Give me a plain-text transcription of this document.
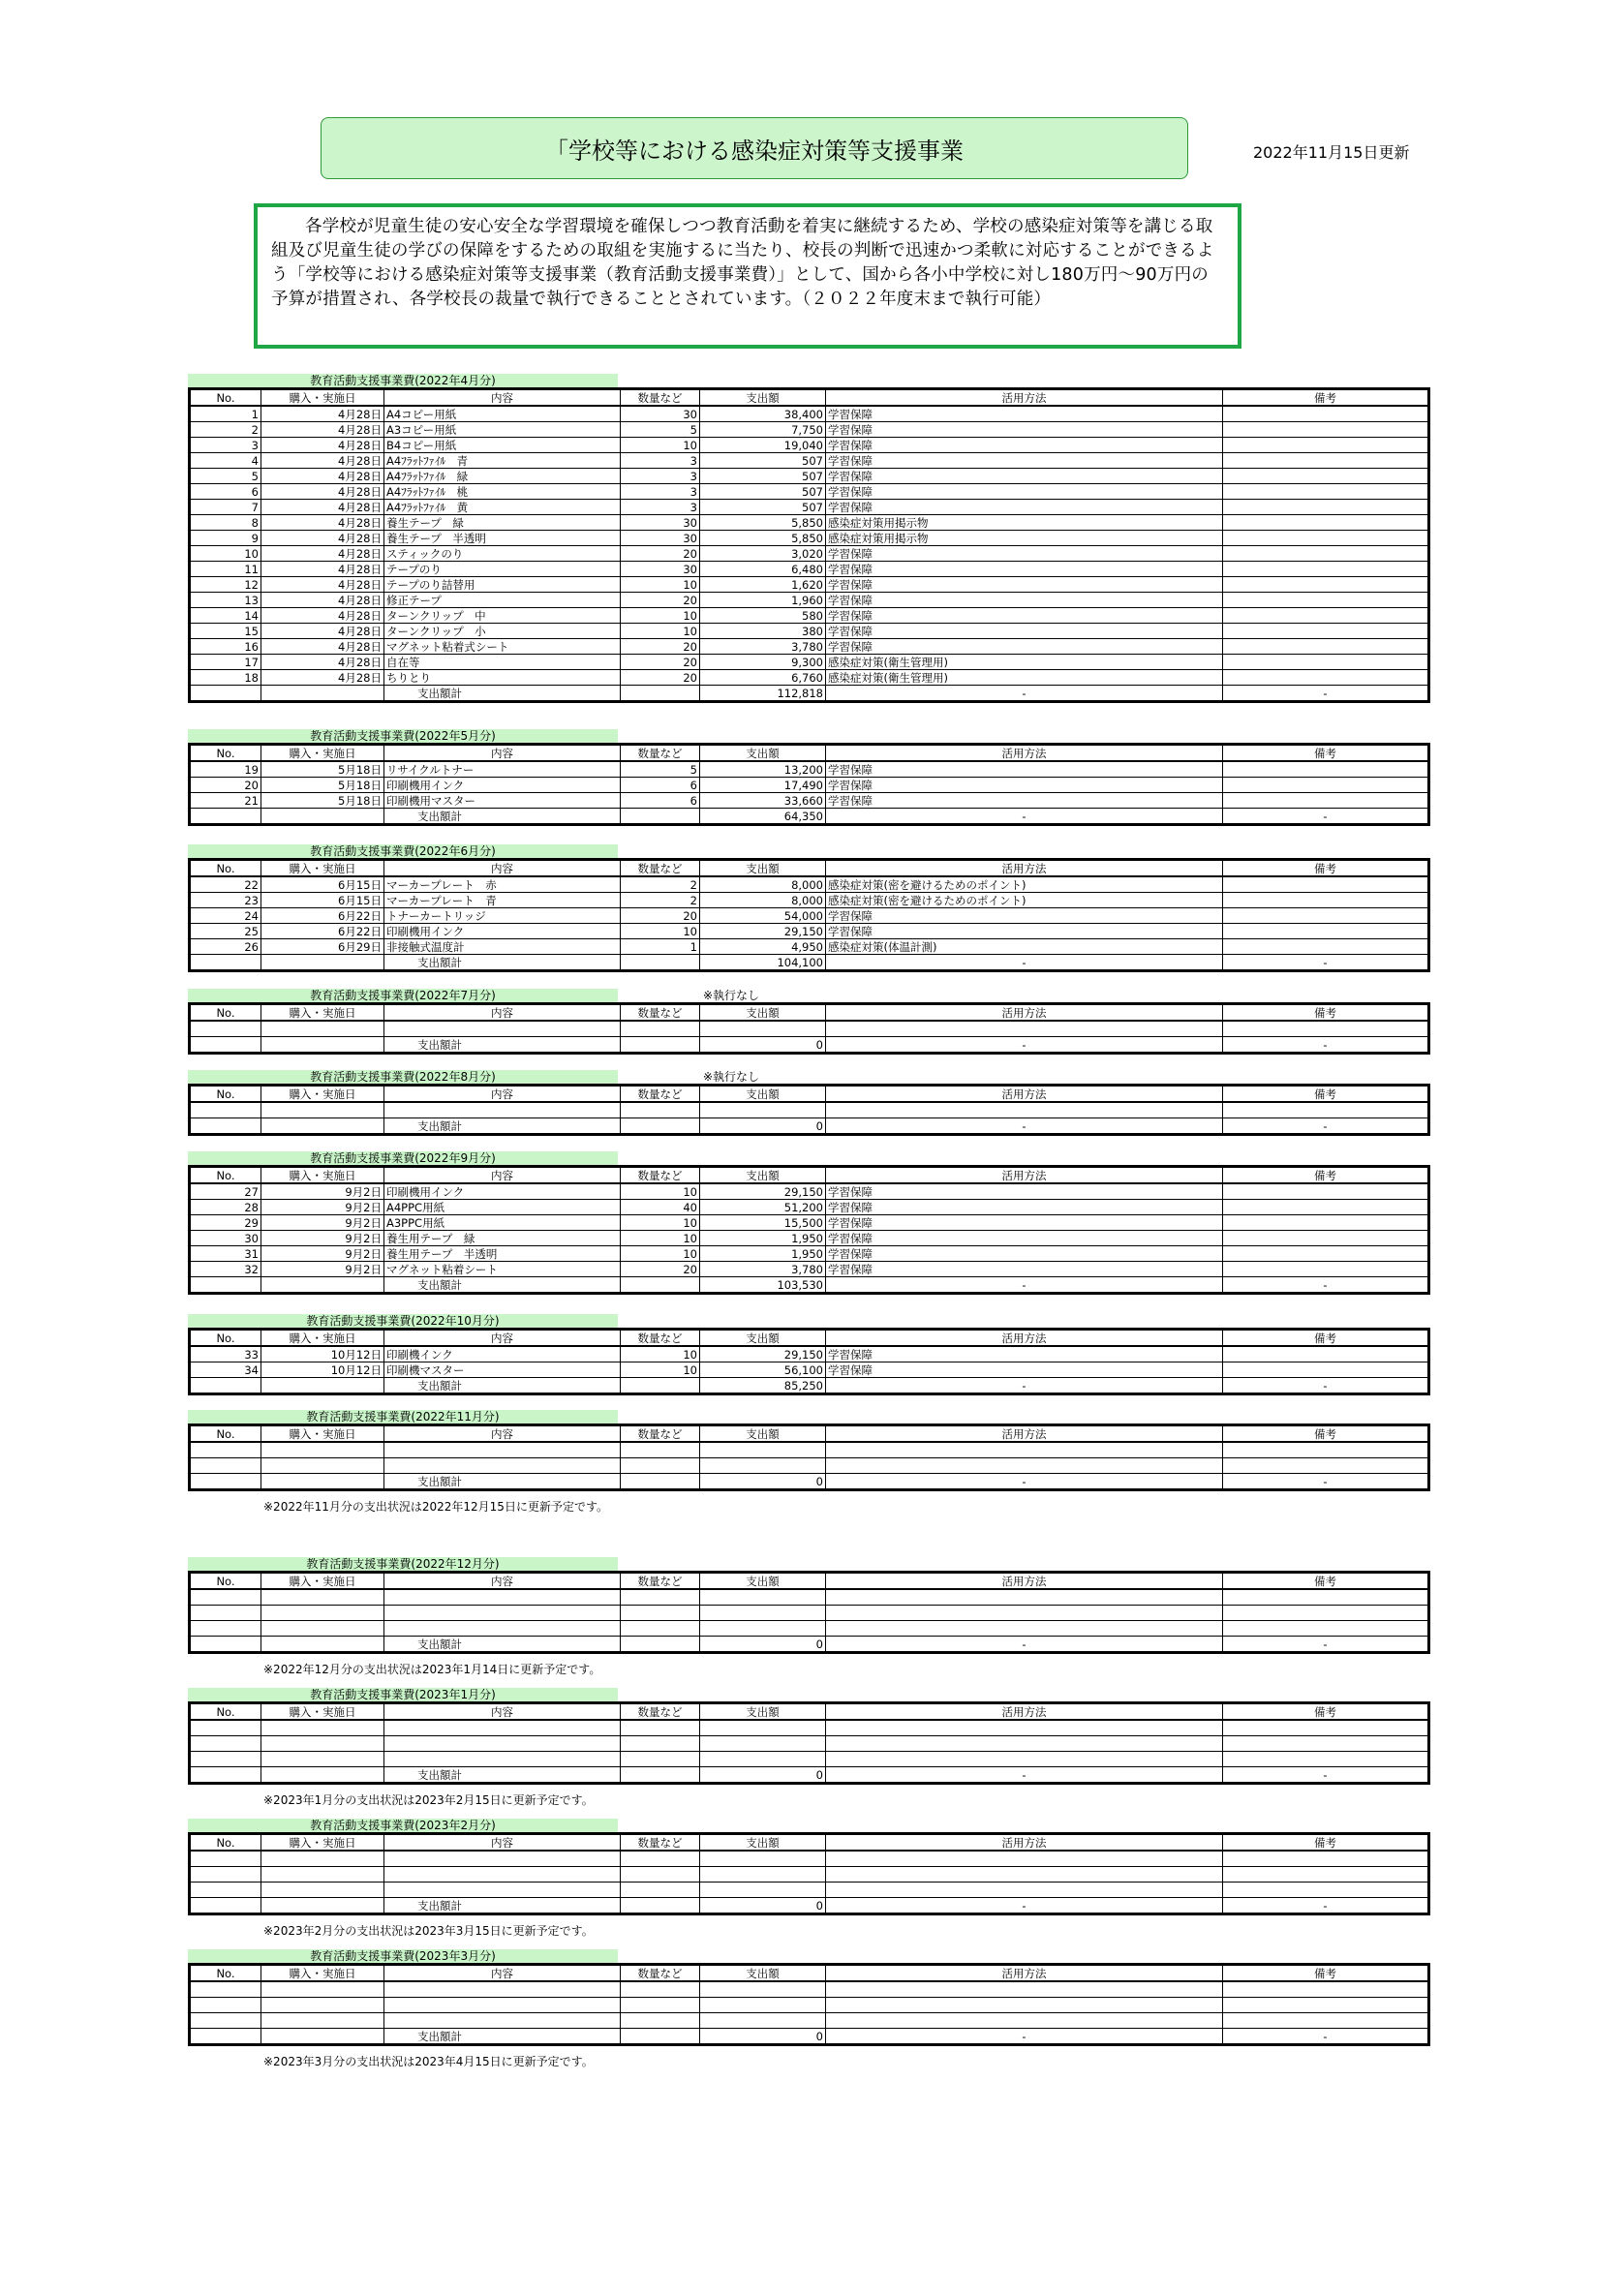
「学校等における感染症対策等支援事業	2022年11月15日更新
各学校が児童生徒の安心安全な学習環境を確保しつつ教育活動を着実に継続するため、学校の感染症対策等を講じる取組及び児童生徒の学びの保障をするための取組を実施するに当たり、校長の判断で迅速かつ柔軟に対応することができるよう「学校等における感染症対策等支援事業（教育活動支援事業費）」として、国から各小中学校に対し180万円～90万円の予算が措置され、各学校長の裁量で執行できることとされています。（２０２２年度末まで執行可能）
教育活動支援事業費(2022年4月分)
No.	購入・実施日	内容	数量など	支出額	活用方法	備考
1	4月28日	A4コピー用紙	30	38,400	学習保障	
2	4月28日	A3コピー用紙	5	7,750	学習保障	
3	4月28日	B4コピー用紙	10	19,040	学習保障	
4	4月28日	A4ﾌﾗｯﾄﾌｧｲﾙ　青	3	507	学習保障	
5	4月28日	A4ﾌﾗｯﾄﾌｧｲﾙ　緑	3	507	学習保障	
6	4月28日	A4ﾌﾗｯﾄﾌｧｲﾙ　桃	3	507	学習保障	
7	4月28日	A4ﾌﾗｯﾄﾌｧｲﾙ　黄	3	507	学習保障	
8	4月28日	養生テープ　緑	30	5,850	感染症対策用掲示物	
9	4月28日	養生テープ　半透明	30	5,850	感染症対策用掲示物	
10	4月28日	スティックのり	20	3,020	学習保障	
11	4月28日	テープのり	30	6,480	学習保障	
12	4月28日	テープのり詰替用	10	1,620	学習保障	
13	4月28日	修正テープ	20	1,960	学習保障	
14	4月28日	ターンクリップ　中	10	580	学習保障	
15	4月28日	ターンクリップ　小	10	380	学習保障	
16	4月28日	マグネット粘着式シート	20	3,780	学習保障	
17	4月28日	自在等	20	9,300	感染症対策(衛生管理用)	
18	4月28日	ちりとり	20	6,760	感染症対策(衛生管理用)	
		支出額計		112,818	-	-
教育活動支援事業費(2022年5月分)
No.	購入・実施日	内容	数量など	支出額	活用方法	備考
19	5月18日	リサイクルトナー	5	13,200	学習保障	
20	5月18日	印刷機用インク	6	17,490	学習保障	
21	5月18日	印刷機用マスター	6	33,660	学習保障	
		支出額計		64,350	-	-
教育活動支援事業費(2022年6月分)
No.	購入・実施日	内容	数量など	支出額	活用方法	備考
22	6月15日	マーカープレート　赤	2	8,000	感染症対策(密を避けるためのポイント)	
23	6月15日	マーカープレート　青	2	8,000	感染症対策(密を避けるためのポイント)	
24	6月22日	トナーカートリッジ	20	54,000	学習保障	
25	6月22日	印刷機用インク	10	29,150	学習保障	
26	6月29日	非接触式温度計	1	4,950	感染症対策(体温計測)	
		支出額計		104,100	-	-
教育活動支援事業費(2022年7月分)	※執行なし
No.	購入・実施日	内容	数量など	支出額	活用方法	備考

		支出額計		0	-	-
教育活動支援事業費(2022年8月分)	※執行なし
No.	購入・実施日	内容	数量など	支出額	活用方法	備考

		支出額計		0	-	-
教育活動支援事業費(2022年9月分)
No.	購入・実施日	内容	数量など	支出額	活用方法	備考
27	9月2日	印刷機用インク	10	29,150	学習保障	
28	9月2日	A4PPC用紙	40	51,200	学習保障	
29	9月2日	A3PPC用紙	10	15,500	学習保障	
30	9月2日	養生用テープ　緑	10	1,950	学習保障	
31	9月2日	養生用テープ　半透明	10	1,950	学習保障	
32	9月2日	マグネット粘着シート	20	3,780	学習保障	
		支出額計		103,530	-	-
教育活動支援事業費(2022年10月分)
No.	購入・実施日	内容	数量など	支出額	活用方法	備考
33	10月12日	印刷機インク	10	29,150	学習保障	
34	10月12日	印刷機マスター	10	56,100	学習保障	
		支出額計		85,250	-	-
教育活動支援事業費(2022年11月分)
No.	購入・実施日	内容	数量など	支出額	活用方法	備考

		支出額計		0	-	-
※2022年11月分の支出状況は2022年12月15日に更新予定です。
教育活動支援事業費(2022年12月分)
No.	購入・実施日	内容	数量など	支出額	活用方法	備考

		支出額計		0	-	-
※2022年12月分の支出状況は2023年1月14日に更新予定です。
教育活動支援事業費(2023年1月分)
No.	購入・実施日	内容	数量など	支出額	活用方法	備考

		支出額計		0	-	-
※2023年1月分の支出状況は2023年2月15日に更新予定です。
教育活動支援事業費(2023年2月分)
No.	購入・実施日	内容	数量など	支出額	活用方法	備考

		支出額計		0	-	-
※2023年2月分の支出状況は2023年3月15日に更新予定です。
教育活動支援事業費(2023年3月分)
No.	購入・実施日	内容	数量など	支出額	活用方法	備考

		支出額計		0	-	-
※2023年3月分の支出状況は2023年4月15日に更新予定です。
